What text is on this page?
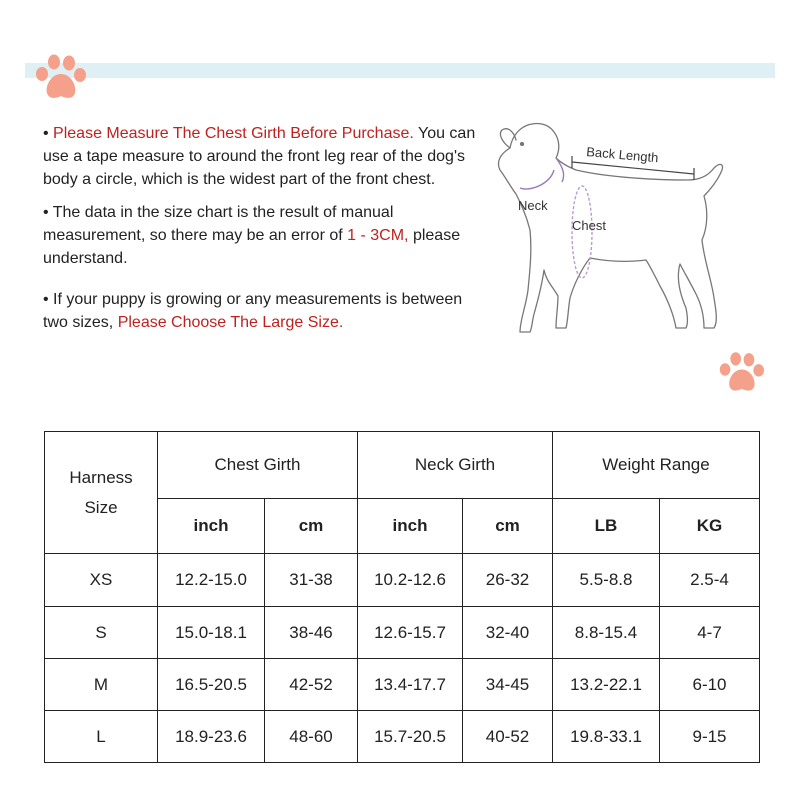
• Please Measure The Chest Girth Before Purchase. You can use a tape measure to around the front leg rear of the dog's body a circle, which is the widest part of the front chest.

• The data in the size chart is the result of manual measurement, so there may be an error of 1 - 3CM, please understand.

• If your puppy is growing or any measurements is between two sizes, Please Choose The Large Size.

Back Length
Neck
Chest
Harness
Size	Chest Girth		Neck Girth		Weight Range	
	inch	cm	inch	cm	LB	KG
XS	12.2-15.0	31-38	10.2-12.6	26-32	5.5-8.8	2.5-4
S	15.0-18.1	38-46	12.6-15.7	32-40	8.8-15.4	4-7
M	16.5-20.5	42-52	13.4-17.7	34-45	13.2-22.1	6-10
L	18.9-23.6	48-60	15.7-20.5	40-52	19.8-33.1	9-15
